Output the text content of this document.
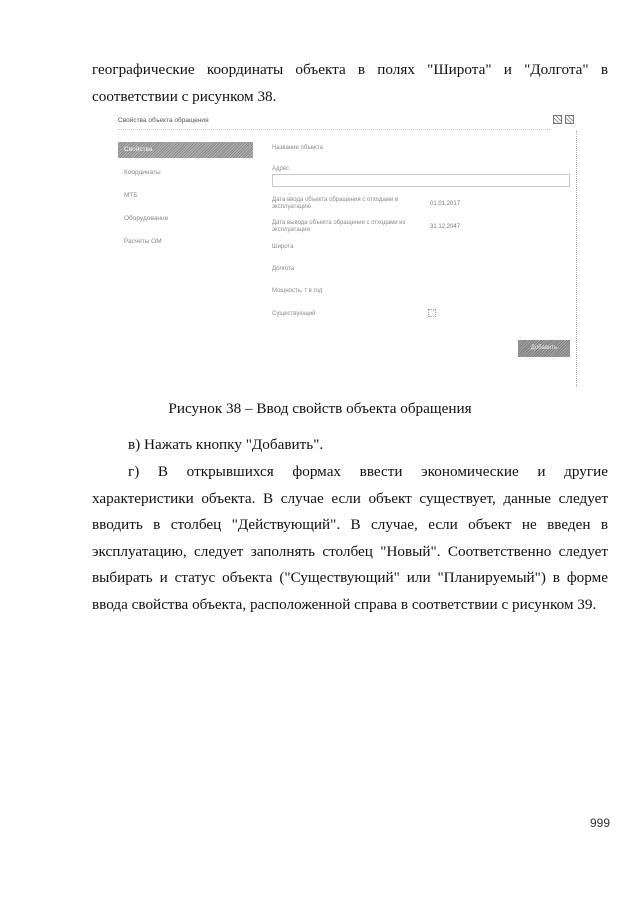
географические координаты объекта в полях "Широта" и "Долгота" в

соответствии с рисунком 38.

Свойства объекта обращения
Свойства
Координаты
МТБ
Оборудование
Расчеты ОМ
Название объекта
Адрес
Дата ввода объекта обращения с отходами в эксплуатацию	01.01.2017
Дата вывода объекта обращения с отходами из эксплуатации	31.12.2047
Широта
Долгота
Мощность, т в год
Существующий
Добавить

Рисунок 38 – Ввод свойств объекта обращения

в) Нажать кнопку "Добавить".

г) В открывшихся формах ввести экономические и другие характеристики объекта. В случае если объект существует, данные следует вводить в столбец "Действующий". В случае, если объект не введен в эксплуатацию, следует заполнять столбец "Новый". Соответственно следует выбирать и статус объекта ("Существующий" или "Планируемый") в форме ввода свойства объекта, расположенной справа в соответствии с рисунком 39.

999
